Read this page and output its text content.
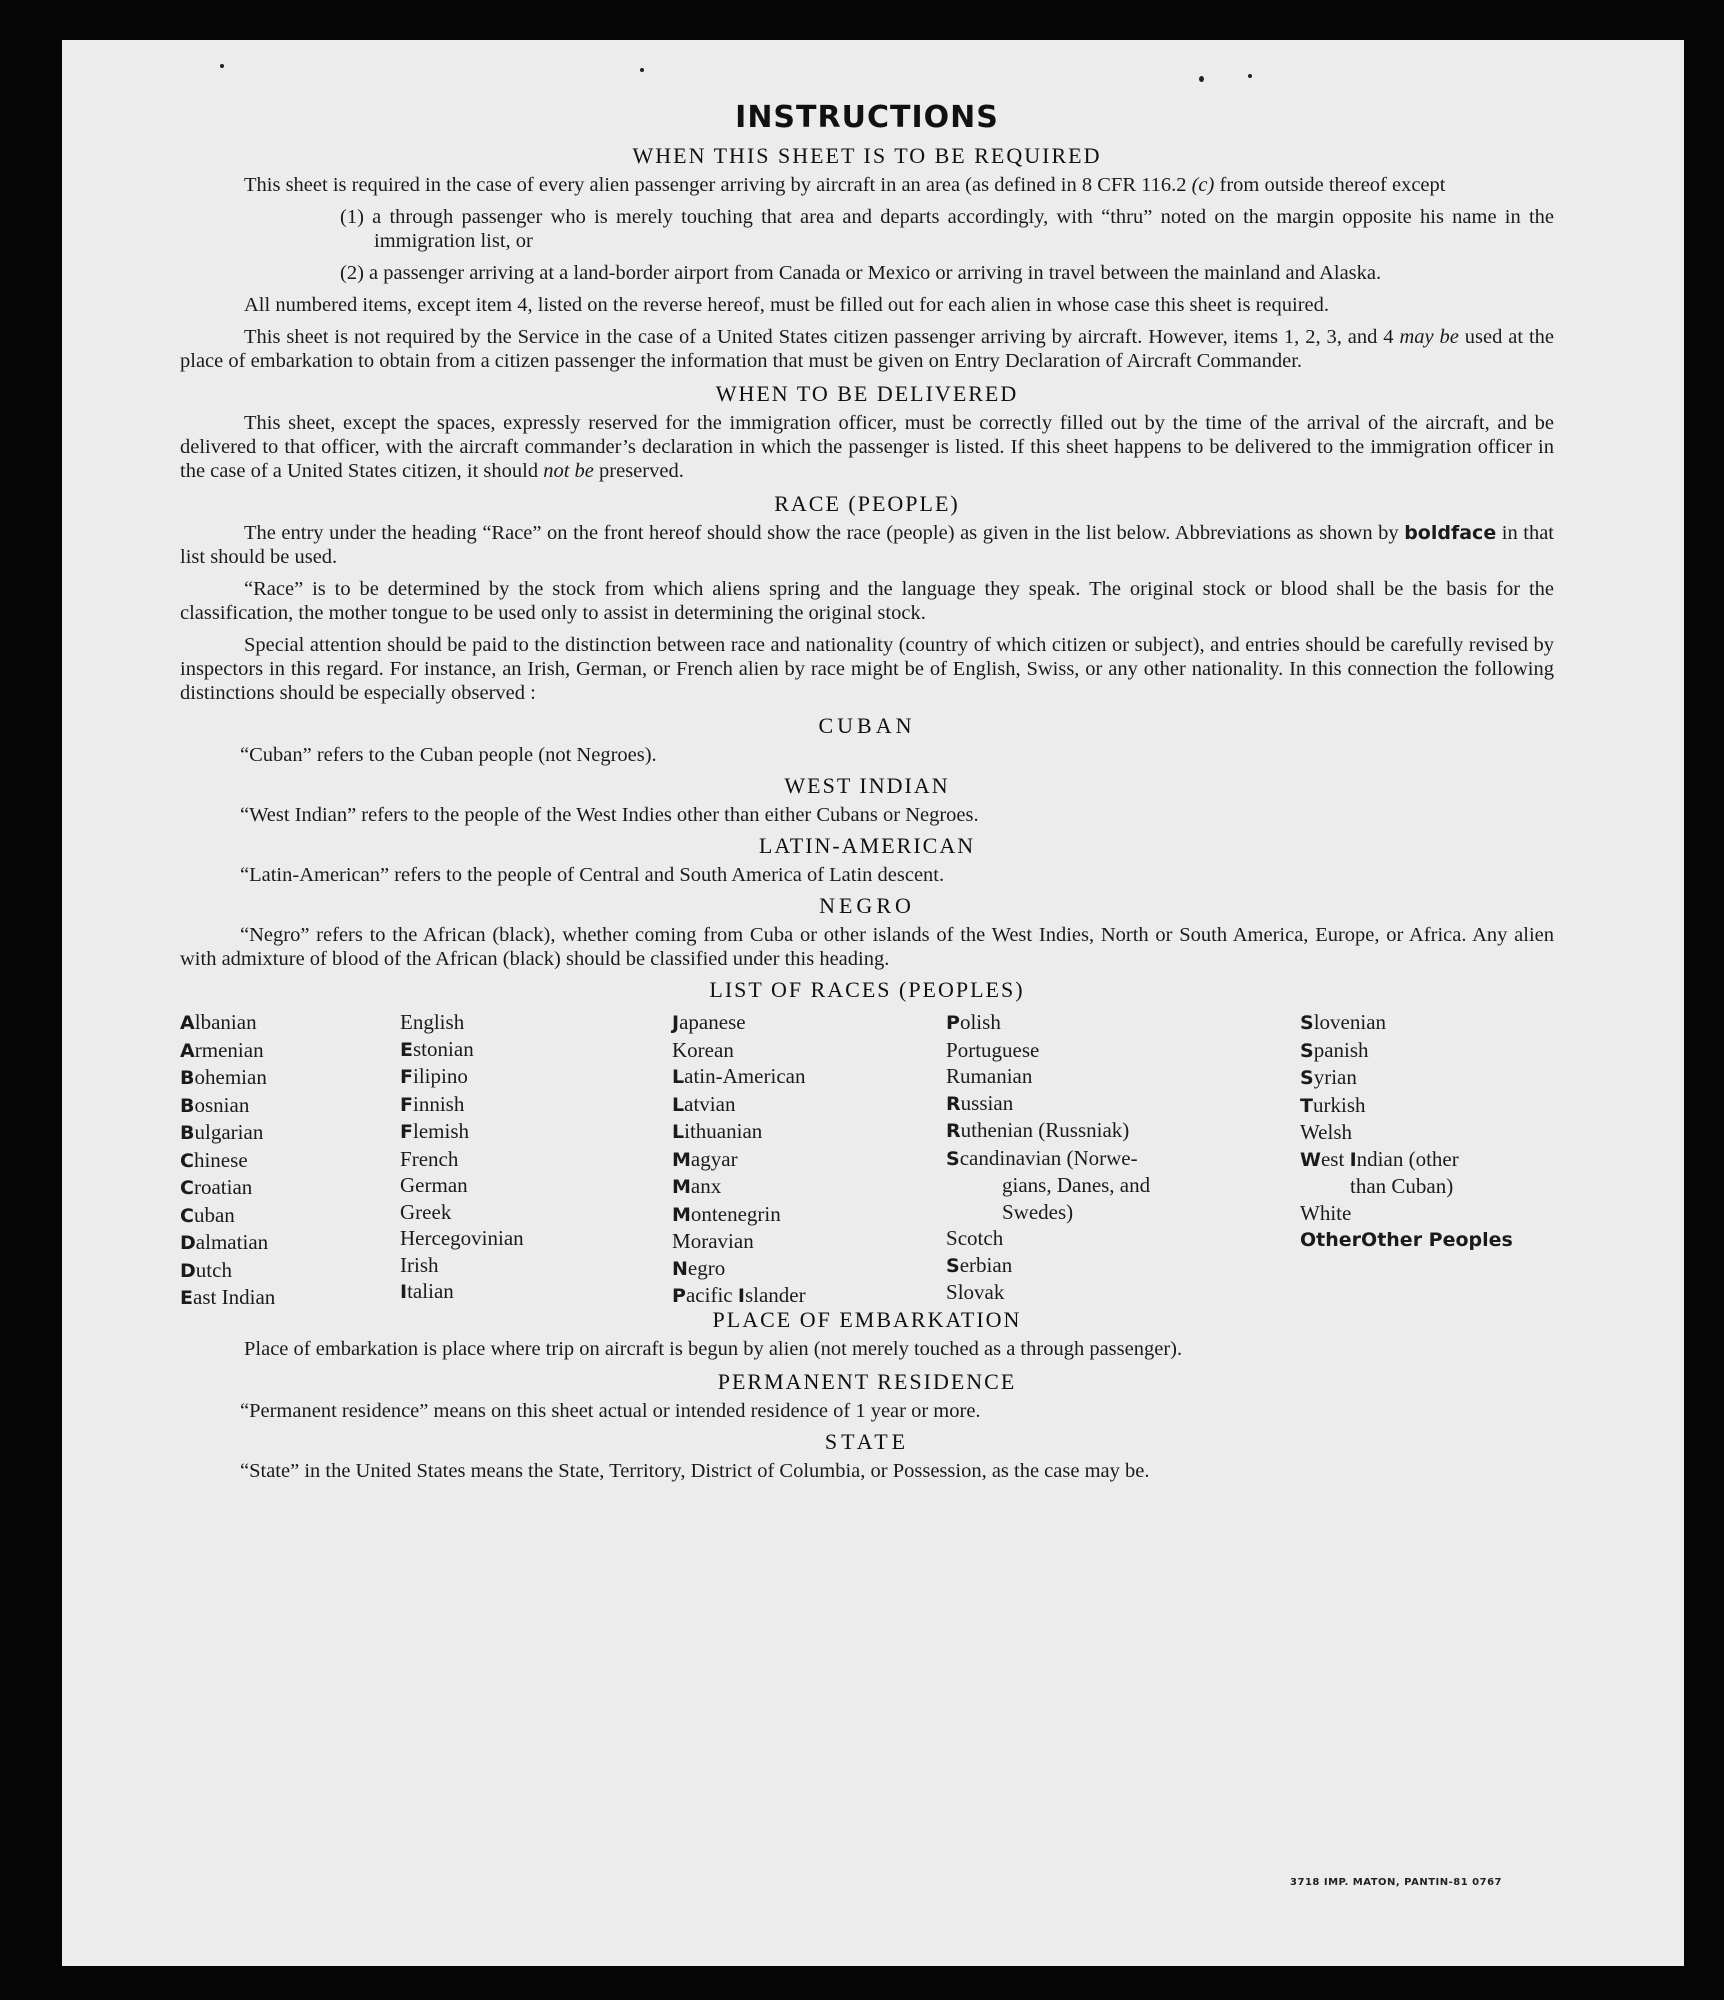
INSTRUCTIONS
WHEN THIS SHEET IS TO BE REQUIRED

This sheet is required in the case of every alien passenger arriving by aircraft in an area (as defined in 8 CFR 116.2 (c) from outside thereof except

(1) a through passenger who is merely touching that area and departs accordingly, with “thru” noted on the margin opposite his name in the immigration list, or

(2) a passenger arriving at a land-border airport from Canada or Mexico or arriving in travel between the mainland and Alaska.

All numbered items, except item 4, listed on the reverse hereof, must be filled out for each alien in whose case this sheet is required.

This sheet is not required by the Service in the case of a United States citizen passenger arriving by aircraft. However, items 1, 2, 3, and 4 may be used at the place of embarkation to obtain from a citizen passenger the information that must be given on Entry Declaration of Aircraft Commander.

WHEN TO BE DELIVERED

This sheet, except the spaces, expressly reserved for the immigration officer, must be correctly filled out by the time of the arrival of the aircraft, and be delivered to that officer, with the aircraft commander’s declaration in which the passenger is listed. If this sheet happens to be delivered to the immigration officer in the case of a United States citizen, it should not be preserved.

RACE (PEOPLE)

The entry under the heading “Race” on the front hereof should show the race (people) as given in the list below. Abbreviations as shown by boldface in that list should be used.

“Race” is to be determined by the stock from which aliens spring and the language they speak. The original stock or blood shall be the basis for the classification, the mother tongue to be used only to assist in determining the original stock.

Special attention should be paid to the distinction between race and nationality (country of which citizen or subject), and entries should be carefully revised by inspectors in this regard. For instance, an Irish, German, or French alien by race might be of English, Swiss, or any other nationality. In this connection the following distinctions should be especially observed :

CUBAN

“Cuban” refers to the Cuban people (not Negroes).

WEST INDIAN

“West Indian” refers to the people of the West Indies other than either Cubans or Negroes.

LATIN-AMERICAN

“Latin-American” refers to the people of Central and South America of Latin descent.

NEGRO

“Negro” refers to the African (black), whether coming from Cuba or other islands of the West Indies, North or South America, Europe, or Africa. Any alien with admixture of blood of the African (black) should be classified under this heading.

LIST OF RACES (PEOPLES)
Albanian
Armenian
Bohemian
Bosnian
Bulgarian
Chinese
Croatian
Cuban
Dalmatian
Dutch
East Indian
English
Estonian
Filipino
Finnish
Flemish
French
German
Greek
Hercegovinian
Irish
Italian
Japanese
Korean
Latin-American
Latvian
Lithuanian
Magyar
Manx
Montenegrin
Moravian
Negro
Pacific Islander
Polish
Portuguese
Rumanian
Russian
Ruthenian (Russniak)
Scandinavian (Norwe-
gians, Danes, and
Swedes)
Scotch
Serbian
Slovak
Slovenian
Spanish
Syrian
Turkish
Welsh
West Indian (other
than Cuban)
White
OtherOther Peoples
PLACE OF EMBARKATION

Place of embarkation is place where trip on aircraft is begun by alien (not merely touched as a through passenger).

PERMANENT RESIDENCE

“Permanent residence” means on this sheet actual or intended residence of 1 year or more.

STATE

“State” in the United States means the State, Territory, District of Columbia, or Possession, as the case may be.

3718 IMP. MATON, PANTIN-81 0767
